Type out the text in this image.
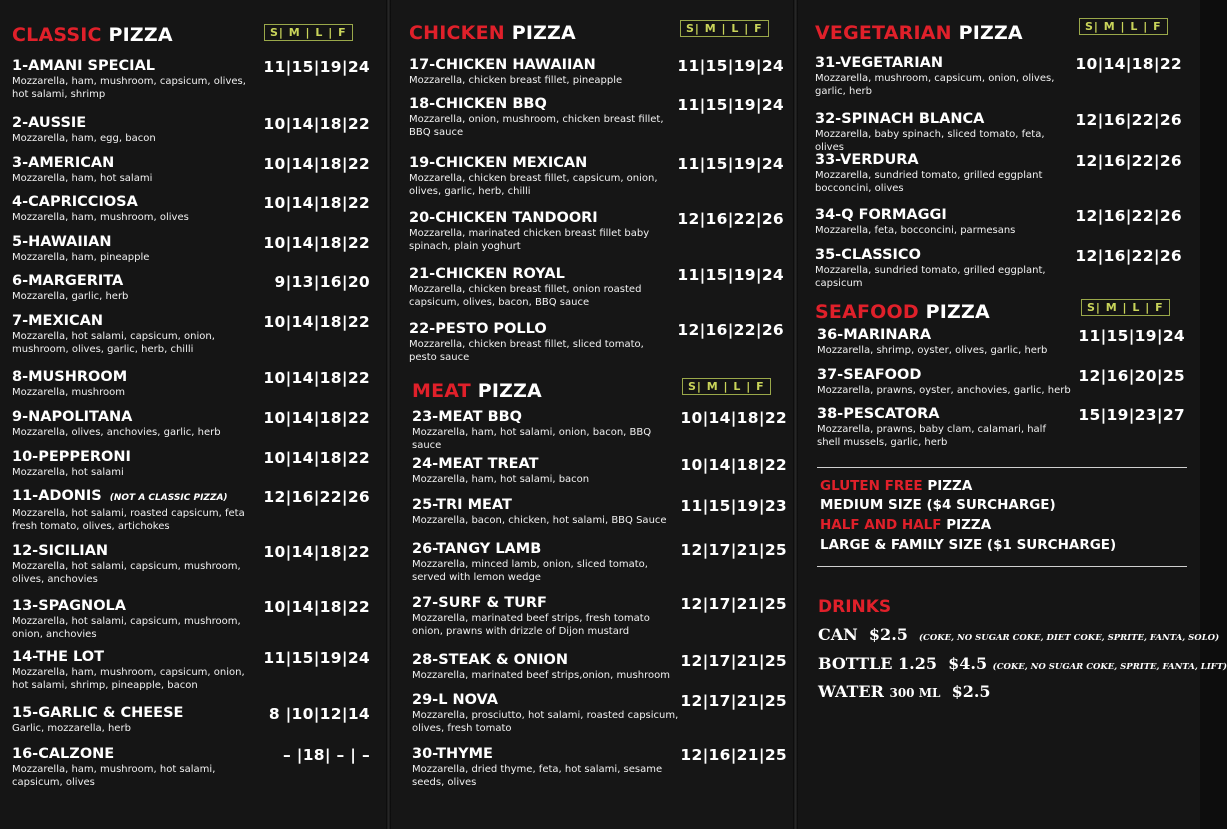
CLASSIC PIZZA	S| M | L | F	CHICKEN PIZZA	S| M | L | F
MEAT PIZZA	S| M | L | F
VEGETARIAN PIZZA	S| M | L | F
SEAFOOD PIZZA	S| M | L | F
1-AMANI SPECIAL
Mozzarella, ham, mushroom, capsicum, olives, hot salami, shrimp
11|15|19|24
2-AUSSIE
Mozzarella, ham, egg, bacon
10|14|18|22
3-AMERICAN
Mozzarella, ham, hot salami
10|14|18|22
4-CAPRICCIOSA
Mozzarella, ham, mushroom, olives
10|14|18|22
5-HAWAIIAN
Mozzarella, ham, pineapple
10|14|18|22
6-MARGERITA
Mozzarella, garlic, herb
9|13|16|20
7-MEXICAN
Mozzarella, hot salami, capsicum, onion, mushroom, olives, garlic, herb, chilli
10|14|18|22
8-MUSHROOM
Mozzarella, mushroom
10|14|18|22
9-NAPOLITANA
Mozzarella, olives, anchovies, garlic, herb
10|14|18|22
10-PEPPERONI
Mozzarella, hot salami
10|14|18|22
11-ADONIS (NOT A CLASSIC PIZZA)
Mozzarella, hot salami, roasted capsicum, feta fresh tomato, olives, artichokes
12|16|22|26
12-SICILIAN
Mozzarella, hot salami, capsicum, mushroom, olives, anchovies
10|14|18|22
13-SPAGNOLA
Mozzarella, hot salami, capsicum, mushroom, onion, anchovies
10|14|18|22
14-THE LOT
Mozzarella, ham, mushroom, capsicum, onion, hot salami, shrimp, pineapple, bacon
11|15|19|24
15-GARLIC & CHEESE
Garlic, mozzarella, herb
8 |10|12|14
16-CALZONE
Mozzarella, ham, mushroom, hot salami, capsicum, olives
– |18| – | –
17-CHICKEN HAWAIIAN
Mozzarella, chicken breast fillet, pineapple
11|15|19|24
18-CHICKEN BBQ
Mozzarella, onion, mushroom, chicken breast fillet, BBQ sauce
11|15|19|24
19-CHICKEN MEXICAN
Mozzarella, chicken breast fillet, capsicum, onion, olives, garlic, herb, chilli
11|15|19|24
20-CHICKEN TANDOORI
Mozzarella, marinated chicken breast fillet baby spinach, plain yoghurt
12|16|22|26
21-CHICKEN ROYAL
Mozzarella, chicken breast fillet, onion roasted capsicum, olives, bacon, BBQ sauce
11|15|19|24
22-PESTO POLLO
Mozzarella, chicken breast fillet, sliced tomato, pesto sauce
12|16|22|26
23-MEAT BBQ
Mozzarella, ham, hot salami, onion, bacon, BBQ sauce
10|14|18|22
24-MEAT TREAT
Mozzarella, ham, hot salami, bacon
10|14|18|22
25-TRI MEAT
Mozzarella, bacon, chicken, hot salami, BBQ Sauce
11|15|19|23
26-TANGY LAMB
Mozzarella, minced lamb, onion, sliced tomato, served with lemon wedge
12|17|21|25
27-SURF & TURF
Mozzarella, marinated beef strips, fresh tomato onion, prawns with drizzle of Dijon mustard
12|17|21|25
28-STEAK & ONION
Mozzarella, marinated beef strips,onion, mushroom
12|17|21|25
29-L NOVA
Mozzarella, prosciutto, hot salami, roasted capsicum, olives, fresh tomato
12|17|21|25
30-THYME
Mozzarella, dried thyme, feta, hot salami, sesame seeds, olives
12|16|21|25
31-VEGETARIAN
Mozzarella, mushroom, capsicum, onion, olives, garlic, herb
10|14|18|22
32-SPINACH BLANCA
Mozzarella, baby spinach, sliced tomato, feta, olives
12|16|22|26
33-VERDURA
Mozzarella, sundried tomato, grilled eggplant bocconcini, olives
12|16|22|26
34-Q FORMAGGI
Mozzarella, feta, bocconcini, parmesans
12|16|22|26
35-CLASSICO
Mozzarella, sundried tomato, grilled eggplant, capsicum
12|16|22|26
36-MARINARA
Mozzarella, shrimp, oyster, olives, garlic, herb
11|15|19|24
37-SEAFOOD
Mozzarella, prawns, oyster, anchovies, garlic, herb
12|16|20|25
38-PESCATORA
Mozzarella, prawns, baby clam, calamari, half shell mussels, garlic, herb
15|19|23|27
GLUTEN FREE PIZZA
MEDIUM SIZE ($4 SURCHARGE)
HALF AND HALF PIZZA
LARGE & FAMILY SIZE ($1 SURCHARGE)
DRINKS
CAN $2.5 (COKE, NO SUGAR COKE, DIET COKE, SPRITE, FANTA, SOLO)
BOTTLE 1.25 $4.5 (COKE, NO SUGAR COKE, SPRITE, FANTA, LIFT)
WATER 300 ML $2.5
